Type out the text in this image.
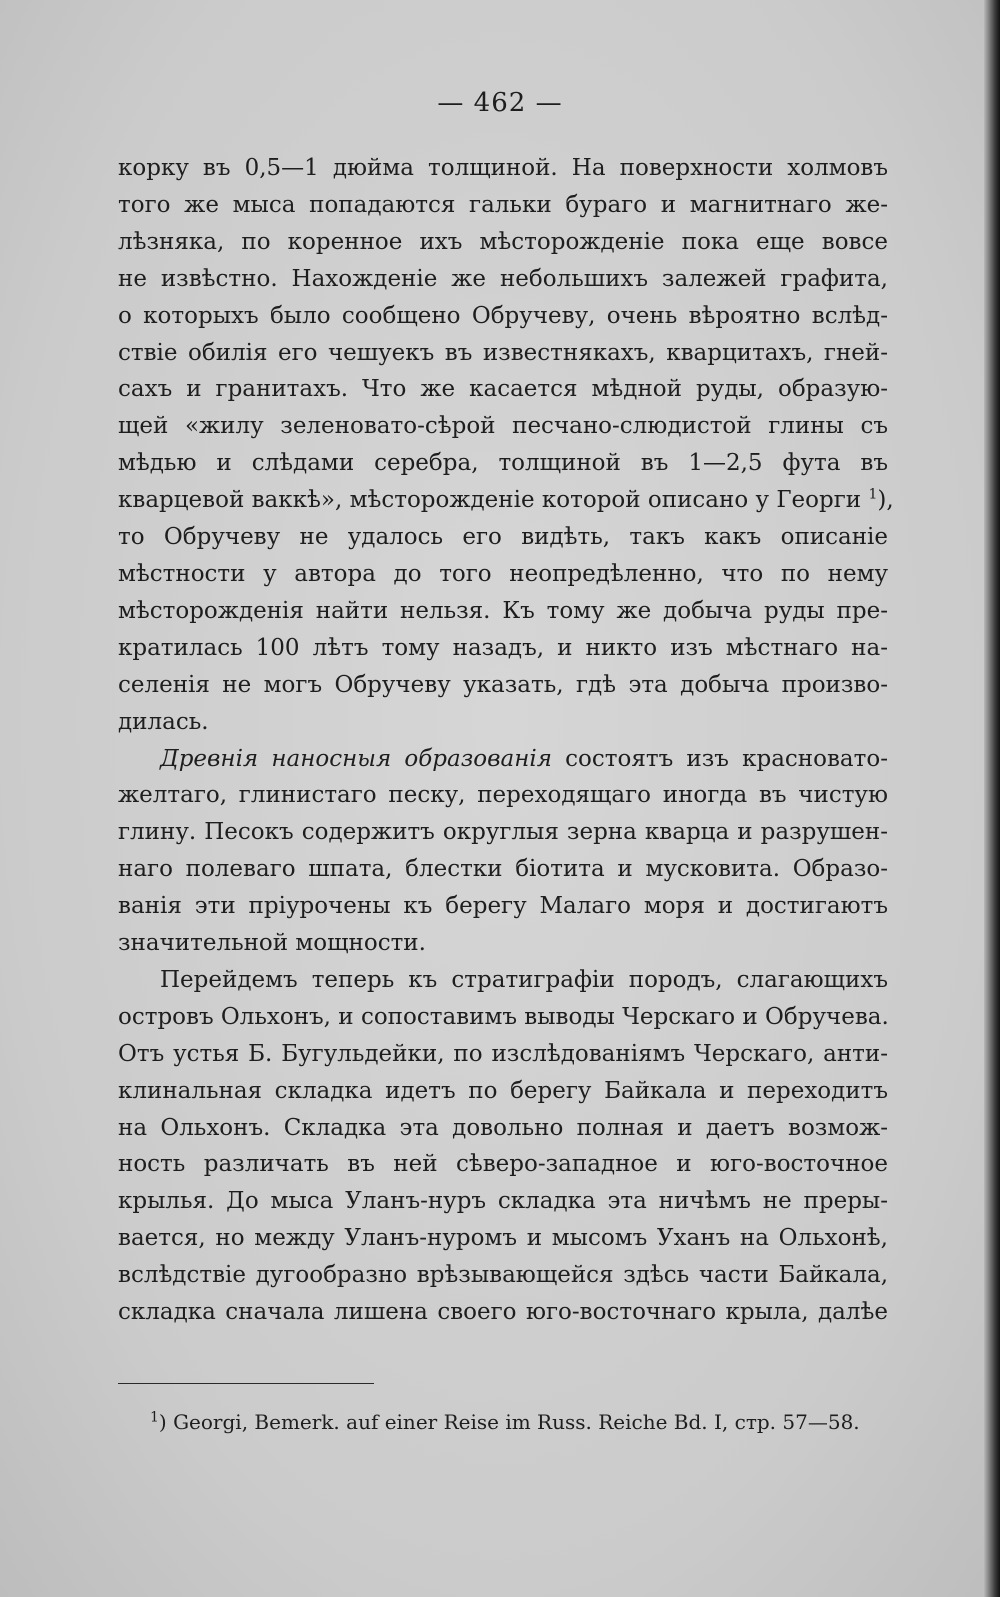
— 462 —
корку въ 0,5—1 дюйма толщиной. На поверхности холмовъ
того же мыса попадаются гальки бураго и магнитнаго же-
лѣзняка, по коренное ихъ мѣсторожденіе пока еще вовсе
не извѣстно. Нахожденіе же небольшихъ залежей графита,
о которыхъ было сообщено Обручеву, очень вѣроятно вслѣд-
ствіе обилія его чешуекъ въ известнякахъ, кварцитахъ, гней-
сахъ и гранитахъ. Что же касается мѣдной руды, образую-
щей «жилу зеленовато-сѣрой песчано-слюдистой глины съ
мѣдью и слѣдами серебра, толщиной въ 1—2,5 фута въ
кварцевой ваккѣ», мѣсторожденіе которой описано у Георги $^1$),
то Обручеву не удалось его видѣть, такъ какъ описаніе
мѣстности у автора до того неопредѣленно, что по нему
мѣсторожденія найти нельзя. Къ тому же добыча руды пре-
кратилась 100 лѣтъ тому назадъ, и никто изъ мѣстнаго на-
селенія не могъ Обручеву указать, гдѣ эта добыча произво-
дилась.
Древнія наносныя образованія состоятъ изъ красновато-
желтаго, глинистаго песку, переходящаго иногда въ чистую
глину. Песокъ содержитъ округлыя зерна кварца и разрушен-
наго полеваго шпата, блестки біотита и мусковита. Образо-
ванія эти пріурочены къ берегу Малаго моря и достигаютъ
значительной мощности.
Перейдемъ теперь къ стратиграфіи породъ, слагающихъ
островъ Ольхонъ, и сопоставимъ выводы Черскаго и Обручева.
Отъ устья Б. Бугульдейки, по изслѣдованіямъ Черскаго, анти-
клинальная складка идетъ по берегу Байкала и переходитъ
на Ольхонъ. Складка эта довольно полная и даетъ возмож-
ность различать въ ней сѣверо-западное и юго-восточное
крылья. До мыса Уланъ-нуръ складка эта ничѣмъ не преры-
вается, но между Уланъ-нуромъ и мысомъ Уханъ на Ольхонѣ,
вслѣдствіе дугообразно врѣзывающейся здѣсь части Байкала,
складка сначала лишена своего юго-восточнаго крыла, далѣе
$^1$) Georgi, Bemerk. auf einer Reise im Russ. Reiche Bd. I, стр. 57—58.
